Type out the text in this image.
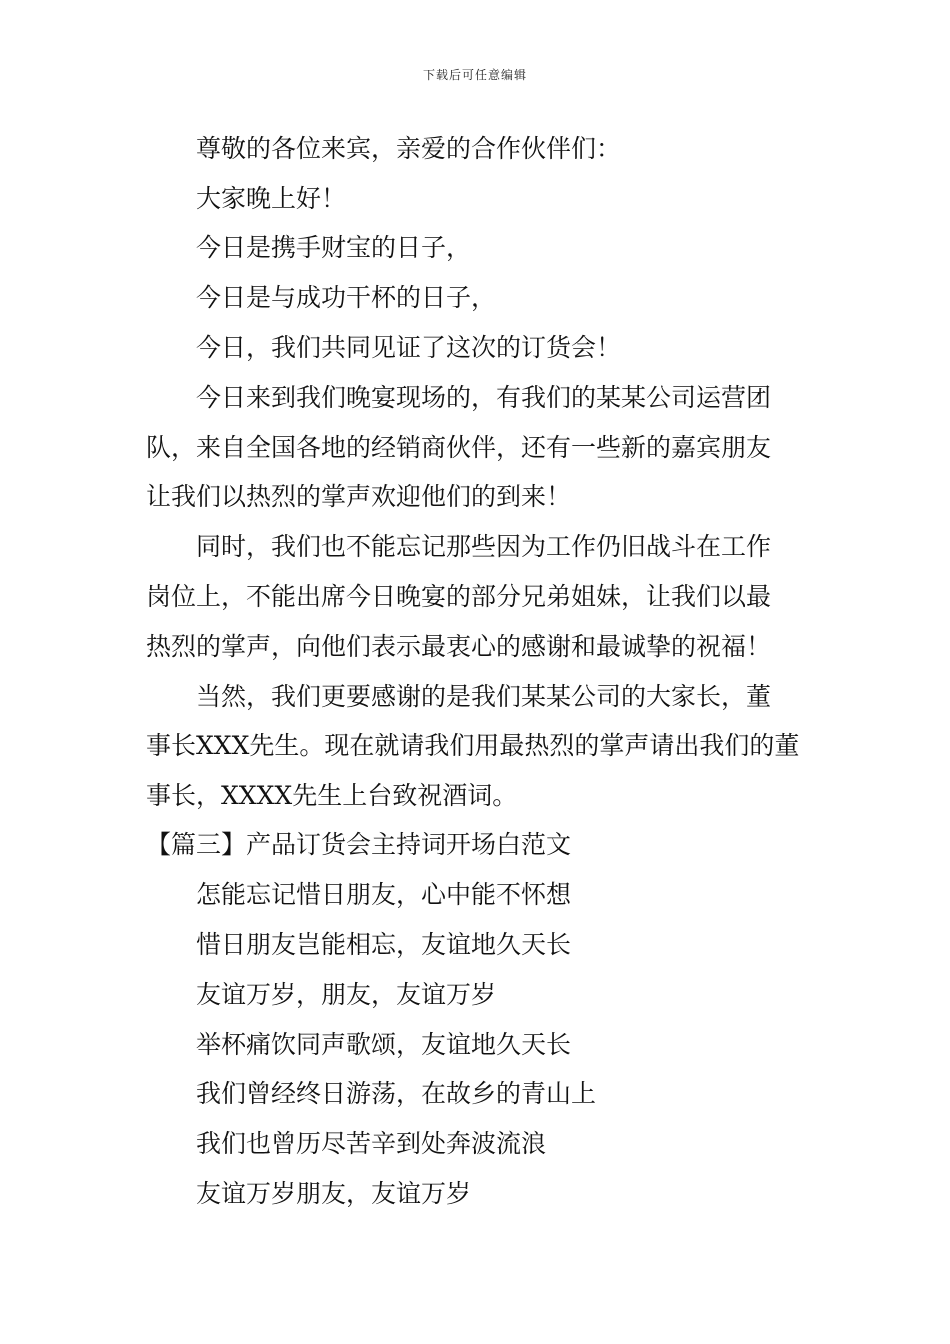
下载后可任意编辑
尊敬的各位来宾，亲爱的合作伙伴们：
大家晚上好！
今日是携手财宝的日子，
今日是与成功干杯的日子，
今日，我们共同见证了这次的订货会！
今日来到我们晚宴现场的，有我们的某某公司运营团
队，来自全国各地的经销商伙伴，还有一些新的嘉宾朋友
让我们以热烈的掌声欢迎他们的到来！
同时，我们也不能忘记那些因为工作仍旧战斗在工作
岗位上，不能出席今日晚宴的部分兄弟姐妹，让我们以最
热烈的掌声，向他们表示最衷心的感谢和最诚挚的祝福！
当然，我们更要感谢的是我们某某公司的大家长，董
事长XXX先生。现在就请我们用最热烈的掌声请出我们的董
事长，XXXX先生上台致祝酒词。
【篇三】产品订货会主持词开场白范文
怎能忘记惜日朋友，心中能不怀想
惜日朋友岂能相忘，友谊地久天长
友谊万岁，朋友，友谊万岁
举杯痛饮同声歌颂，友谊地久天长
我们曾经终日游荡，在故乡的青山上
我们也曾历尽苦辛到处奔波流浪
友谊万岁朋友，友谊万岁
